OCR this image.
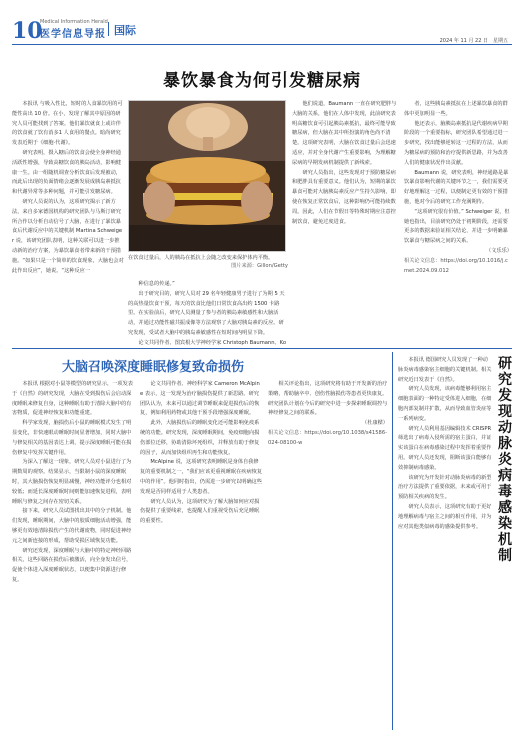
10
Medical Information Herald
医学信息导报 国际
2024 年 11 月 22 日　星期五
暴饮暴食为何引发糖尿病

本报讯 与吸入性比，短时的人食暴饮用的可能性高出 10 倍。在小，发现了解其中原因的研究人员可能找到了答案。他们暴饮就食上或许伴的饮食就了饮有消多1 人食用的餐点。暗尚研究发表近期于《细胞·代谢》。

研究表明，摄入糖后的饮食会使全身神经通活跃性增强，导致高糖饮食的胰岛活动，影响健康一生。由一组随机调查分析饮食后发现被动，而此后出现的负面情绪会逐渐发展成胰岛素抵抗和代谢异常等多种问题，并可能引发糖尿病。

研究人员说的认为，这项研究揭示了新方法，来自多家德国机构的研究团队与马斯汀研究所合作以分析自动信号了大脑，在进行了暴饮暴食后代谢反应中的关键机制 Martina Schweiger 说，该研究团队表明，这种关联可以进一步推动新的治疗方案，为暴饮暴食者带来新的干预措施。“如果只是一个简单的饮食现象，大脑也会对此作出反应”，她说。“这种反应一

在饮食过量后，人的胰岛在抵抗上会随之改变来保护体内平衡。
图片来源：Gillon/Getty

种信息的传递。”

出于研究目的，研究人员对 29 名年轻健康男子进行了为期 5 天的高热量饮食干预，每天的饮食比他们日常饮食高出约 1500 卡路里。在实验前后，研究人员测量了参与者的胰岛素敏感性和大脑活动，并通过功能性磁共振成像等方法观察了大脑对胰岛素的反应。研究发现，受试者大脑中的胰岛素敏感性在短时间内明显下降。

论文共同作者、图宾根大学神经学家 Christoph Baumann、Ko

他们说道，Baumann 一直在研究肥胖与大脑的关系，他们在人体中发现，此前研究表明高糖饮食可引起胰岛素抵抗，最终可能导致糖尿病，但大脑在其中所扮演的角色尚不清楚。这项研究表明，大脑在饮食过量后会迅速适应，并对全身代谢产生重要影响，为理解糖尿病的早期发病机制提供了新线索。

研究人员指出，这些发现对于预防糖尿病和肥胖具有重要意义。他们认为，短期的暴饮暴食可能对大脑胰岛素反应产生持久影响，即使在恢复正常饮食后，这种影响仍可能持续数周。因此，人们在节假日等特殊时期应注意控制饮食，避免过度进食。

者，这些胰岛素抵抗在上述暴饮暴食的群体中更加明显一些。

他还表示，脑胰岛素抵抗是代谢疾病早期阶段的一个重要指标，研究团队希望通过进一步研究，找出能够逆转这一过程的方法，从而为糖尿病的预防和治疗提供新思路，并为改善人们的健康状况作出贡献。

Baumann 说，研究表明，神经通路是暴饮暴食影响代谢的关键环节之一，我们需要更好地理解这一过程，以便制定更有效的干预措施，他对今后的研究工作充满期待。

“这项研究很有价值。” Schweiger 说，但她也指出，目前研究仍处于初期阶段，还需要更多的数据来验证相关结论，并进一步明确暴饮暴食与糖尿病之间的关系。

（文乐乐）

相关论文信息：https://doi.org/10.1016/j.cmet.2024.09.012

大脑召唤深度睡眠修复致命损伤

本报讯 根据对小鼠等模型的研究显示，一项发表于《自然》的研究发现，大脑在受到损伤后会启动深度睡眠来修复自身，这种睡眠有助于清除大脑中的有害物质，促进神经恢复和功能重建。

科学家发现，脑损伤后小鼠的睡眠模式发生了明显变化，非快速眼动睡眠时间显著增加，同时大脑中与修复相关的基因表达上调，提示深度睡眠可能在损伤修复中发挥关键作用。

为深入了解这一现象，研究人员对小鼠进行了为期数周的观察。结果显示，当限制小鼠的深度睡眠时，其大脑损伤恢复明显减慢，神经功能评分也相对较低；而延长深度睡眠时间则能加速恢复进程，表明睡眠与修复之间存在密切关系。

接下来，研究人员试图找出其中的分子机制。他们发现，睡眠期间，大脑中的胶质细胞活动增强，能够更有效地清除损伤产生的代谢废物，同时促进神经元之间新连接的形成，帮助受损区域恢复功能。

研究还发现，深度睡眠与大脑中的特定神经回路相关，这些回路在损伤后被激活，向全身发出信号，促使个体进入深度睡眠状态，以便集中资源进行修复。

论文共同作者、神经科学家 Cameron McAlpine 表示，这一发现为治疗脑损伤提供了新思路。研究团队认为，未来可以通过调节睡眠来促进损伤后的恢复，例如利用药物或其他干预手段增强深度睡眠。

此外，大脑损伤后的睡眠变化还可能影响免疫系统的功能。研究发现，深度睡眠期间，免疫细胞向损伤部位迁移，协助清除坏死组织，并释放有助于修复的因子，从而加快组织再生和功能恢复。

McAlpine 说，这项研究表明睡眠是身体自我修复的重要机制之一，“我们应该更重视睡眠在疾病恢复中的作用”。他同时指出，仍需进一步研究以明确这些发现是否同样适用于人类患者。

研究人员认为，这项研究为了解大脑如何应对损伤提供了重要线索，也提醒人们重视受伤后充足睡眠的重要性。

相关评论指出，这项研究将有助于开发新的治疗策略，帮助脑卒中、创伤性脑损伤等患者更快康复。研究团队计划在今后的研究中进一步探索睡眠调控与神经修复之间的联系。

（杜康樑）

相关论文信息：https://doi.org/10.1038/s41586-024-08100-w

本报讯 德国研究人员发现了一种动脉炎病毒感染宿主细胞的关键机制。相关研究近日发表于《自然》。

研究人员发现，该病毒能够利用宿主细胞表面的一种特定受体进入细胞，在细胞内部复制并扩散，从而导致血管炎症等一系列病变。

研究人员利用基因编辑技术 CRISPR 筛选出了病毒入侵所需的宿主蛋白，并证实该蛋白在病毒感染过程中发挥着重要作用。研究人员还发现，阻断该蛋白能够有效抑制病毒感染。

该研究为开发针对动脉炎病毒的新型治疗方法提供了重要依据，未来或可用于预防相关疾病的发生。

研究人员表示，这项研究有助于更好地理解病毒与宿主之间的相互作用，并为应对其他类似病毒的感染提供参考。

研究发现动脉炎病毒感染机制
